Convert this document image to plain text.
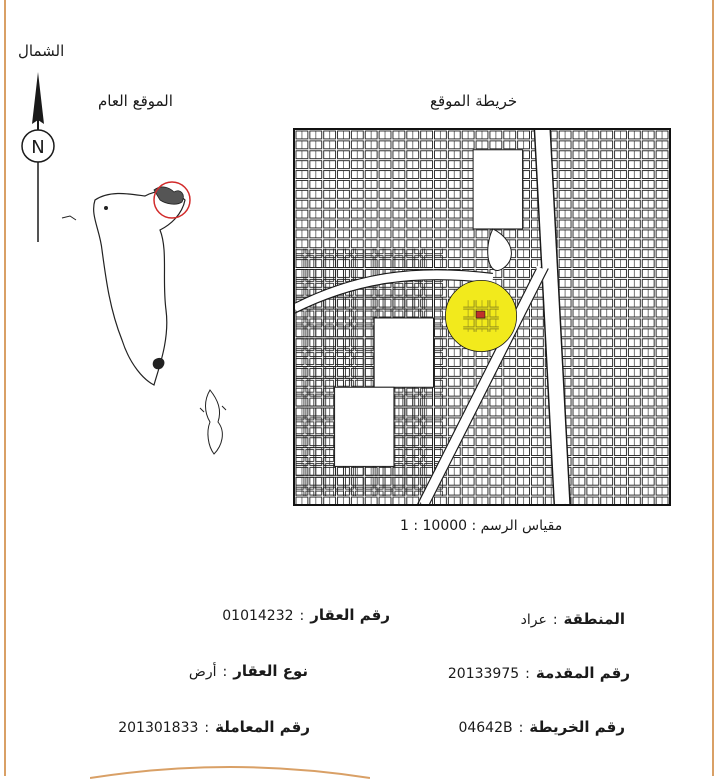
الشمال
N
الموقع العام	خريطة الموقع
مقياس الرسم : 1 : 10000
المنطقة:عراد
رقم العقار:01014232
رقم المقدمة:20133975
نوع العقار:أرض
رقم الخريطة:04642B
رقم المعاملة:201301833
